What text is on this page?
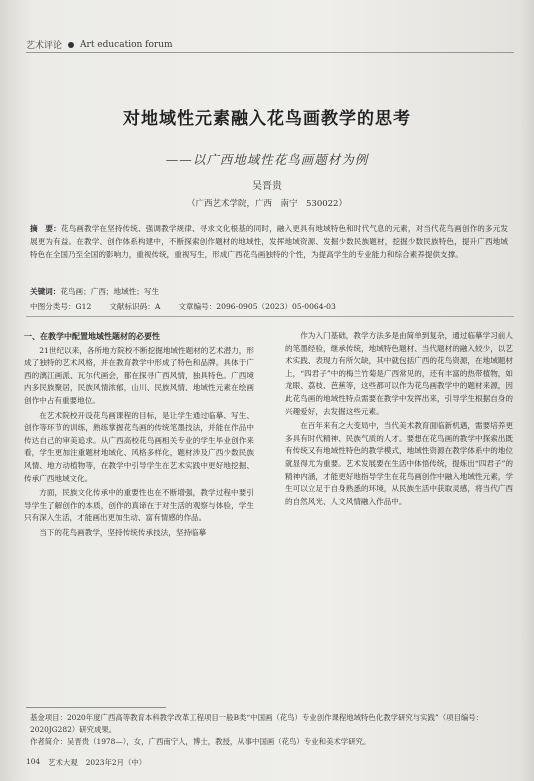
艺术评论 Art education forum
对地域性元素融入花鸟画教学的思考
——以广西地域性花鸟画题材为例
吴晋贵
（广西艺术学院，广西　南宁　530022）
摘　要：花鸟画教学在坚持传统、强调教学规律、寻求文化根基的同时，融入更具有地域特色和时代气息的元素，对当代花鸟画创作的多元发展更为有益。在教学、创作体系构建中，不断探索创作题材的地域性，发挥地域资源、发掘少数民族题材，挖掘少数民族特色，提升广西地域特色在全国乃至全国的影响力，重视传统，重视写生，形成广西花鸟画独特的个性，为提高学生的专业能力和综合素养提供支撑。
关键词：花鸟画；广西；地域性；写生
中图分类号：G12 文献标识码：A 文章编号：2096-0905（2023）05-0064-03
一、在教学中配置地域性题材的必要性

21世纪以来，各所地方院校不断挖掘地域性题材的艺术潜力，形成了独特的艺术风格，并在教育教学中形成了特色和品牌。具体于广西的漓江画派、瓦尔代画会，都在探寻广西风情，独具特色。广西境内多民族聚居，民族风情浓郁，山川、民族风情、地域性元素在绘画创作中占有重要地位。

在艺术院校开设花鸟画课程的目标，是让学生通过临摹、写生、创作等环节的训练，熟练掌握花鸟画的传统笔墨技法，并能在作品中传达自己的审美追求。从广西高校花鸟画相关专业的学生毕业创作来看，学生更加注重题材地域化、风格多样化，题材涉及广西少数民族风情、地方动植物等，在教学中引导学生在艺术实践中更好地挖掘、传承广西地域文化。

方面，民族文化传承中的重要性也在不断增强，教学过程中要引导学生了解创作的本质，创作的真谛在于对生活的观察与体验，学生只有深入生活，才能画出更加生动、富有情感的作品。

当下的花鸟画教学，坚持传统传承技法，坚持临摹

作为入门基础，教学方法多是由简单到复杂，通过临摹学习前人的笔墨经验，继承传统，地域特色题材、当代题材的融入较少，以艺术实践、表现力有所欠缺，其中就包括广西的花鸟资源，在地域题材上，“四君子”中的梅兰竹菊是广西常见的，还有丰富的热带植物，如龙眼、荔枝、芭蕉等，这些都可以作为花鸟画教学中的题材来源，因此花鸟画的地域性特点需要在教学中发挥出来，引导学生根据自身的兴趣爱好，去发掘这些元素。

在百年来有之大变局中，当代美术教育面临新机遇，需要培养更多具有时代精神、民族气质的人才。要想在花鸟画的教学中探索出既有传统又有地域性特色的教学模式，地域性资源在教学体系中的地位就显得尤为重要。艺术发展要在生活中体悟传统，提炼出“四君子”的精神内涵，才能更好地指导学生在花鸟画创作中融入地域性元素，学生可以立足于自身熟悉的环境，从民族生活中获取灵感，将当代广西的自然风光、人文风情融入作品中。

基金项目：2020年度广西高等教育本科教学改革工程项目一般B类“中国画（花鸟）专业创作课程地域特色化教学研究与实践”（项目编号：2020JG282）研究成果。

作者简介：吴晋贵（1978—），女，广西南宁人，博士，教授，从事中国画（花鸟）专业和美术学研究。

104 艺术大观 2023年2月（中）
